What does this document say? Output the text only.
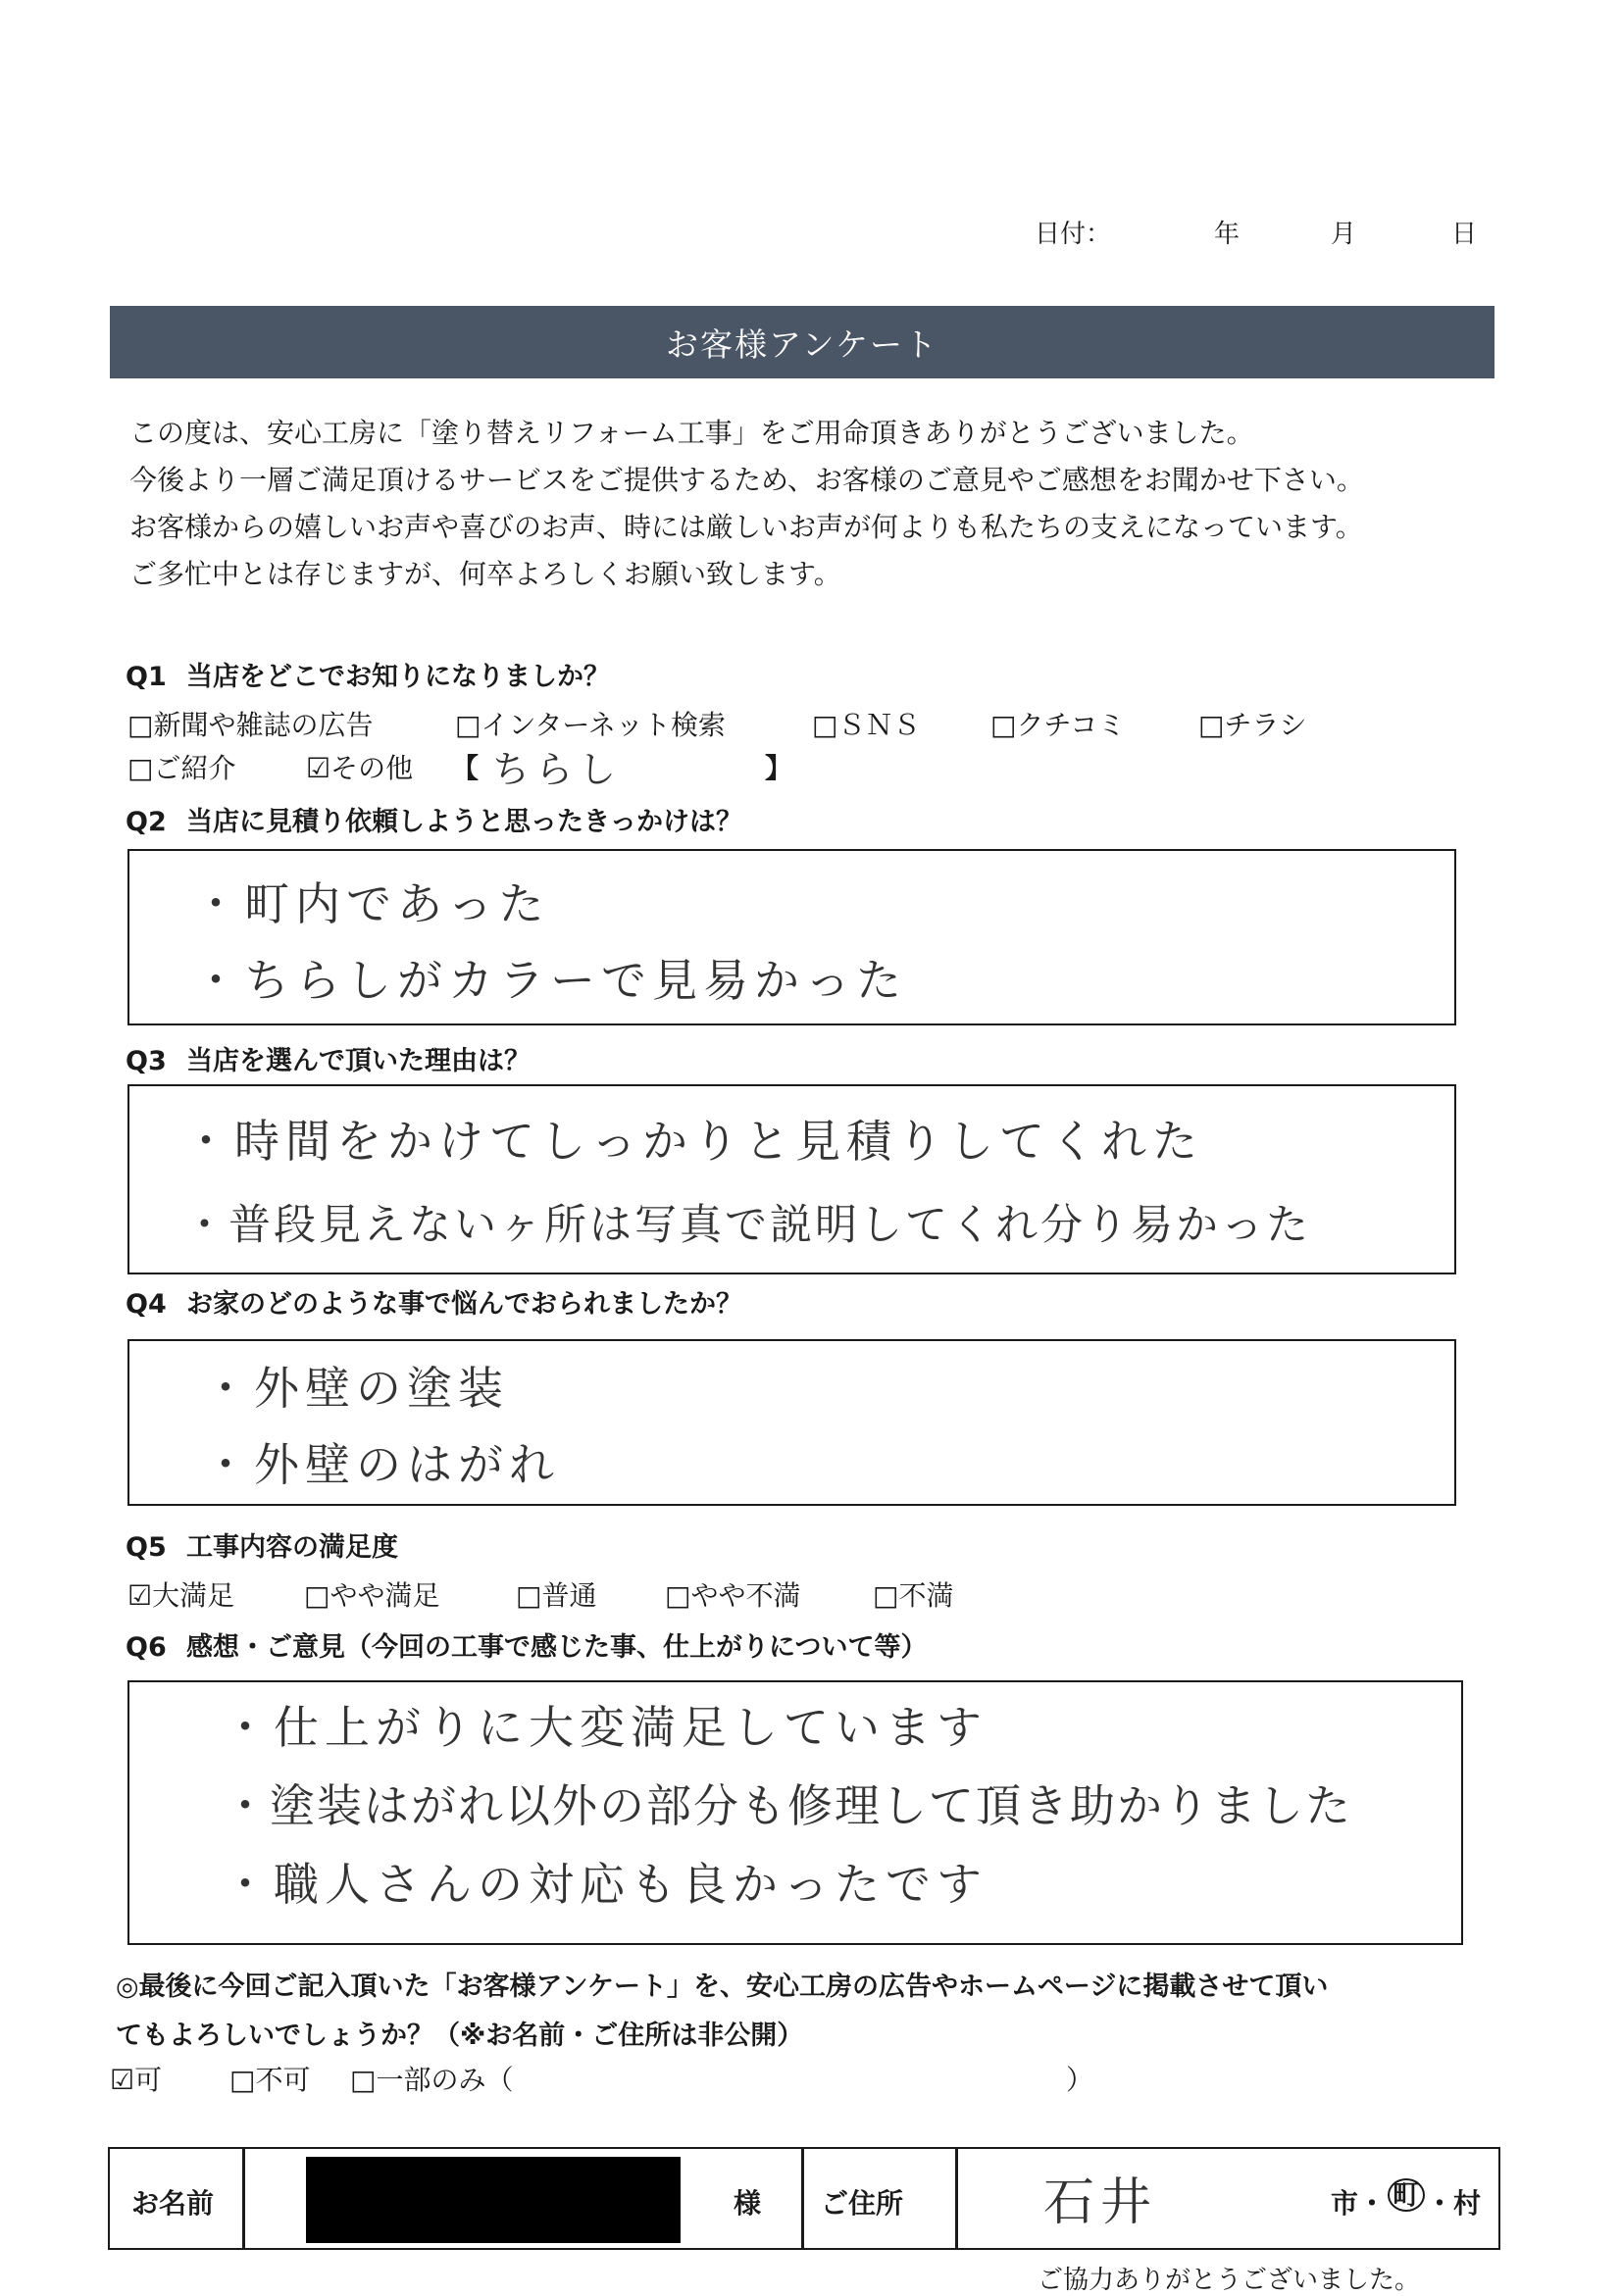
日付：	年	月	日
お客様アンケート
この度は、安心工房に「塗り替えリフォーム工事」をご用命頂きありがとうございました。
今後より一層ご満足頂けるサービスをご提供するため、お客様のご意見やご感想をお聞かせ下さい。
お客様からの嬉しいお声や喜びのお声、時には厳しいお声が何よりも私たちの支えになっています。
ご多忙中とは存じますが、何卒よろしくお願い致します。
Q1 当店をどこでお知りになりましか？
□新聞や雑誌の広告	□インターネット検索	□ＳＮＳ	□クチコミ	□チラシ
□ご紹介	☑その他 【 ちらし	】
Q2 当店に見積り依頼しようと思ったきっかけは？
・町内であった
・ちらしがカラーで見易かった
Q3 当店を選んで頂いた理由は？
・時間をかけてしっかりと見積りしてくれた
・普段見えないヶ所は写真で説明してくれ分り易かった
Q4 お家のどのような事で悩んでおられましたか？
・外壁の塗装
・外壁のはがれ
Q5 工事内容の満足度
☑大満足	□やや満足	□普通 □やや不満	□不満
Q6 感想・ご意見（今回の工事で感じた事、仕上がりについて等）
・仕上がりに大変満足しています
・塗装はがれ以外の部分も修理して頂き助かりました
・職人さんの対応も良かったです
◎最後に今回ご記入頂いた「お客様アンケート」を、安心工房の広告やホームページに掲載させて頂い
てもよろしいでしょうか？（※お名前・ご住所は非公開）
☑可 □不可 □一部のみ（	）
お名前	様 ご住所	石井	市・ 町 ・村
ご協力ありがとうございました。
